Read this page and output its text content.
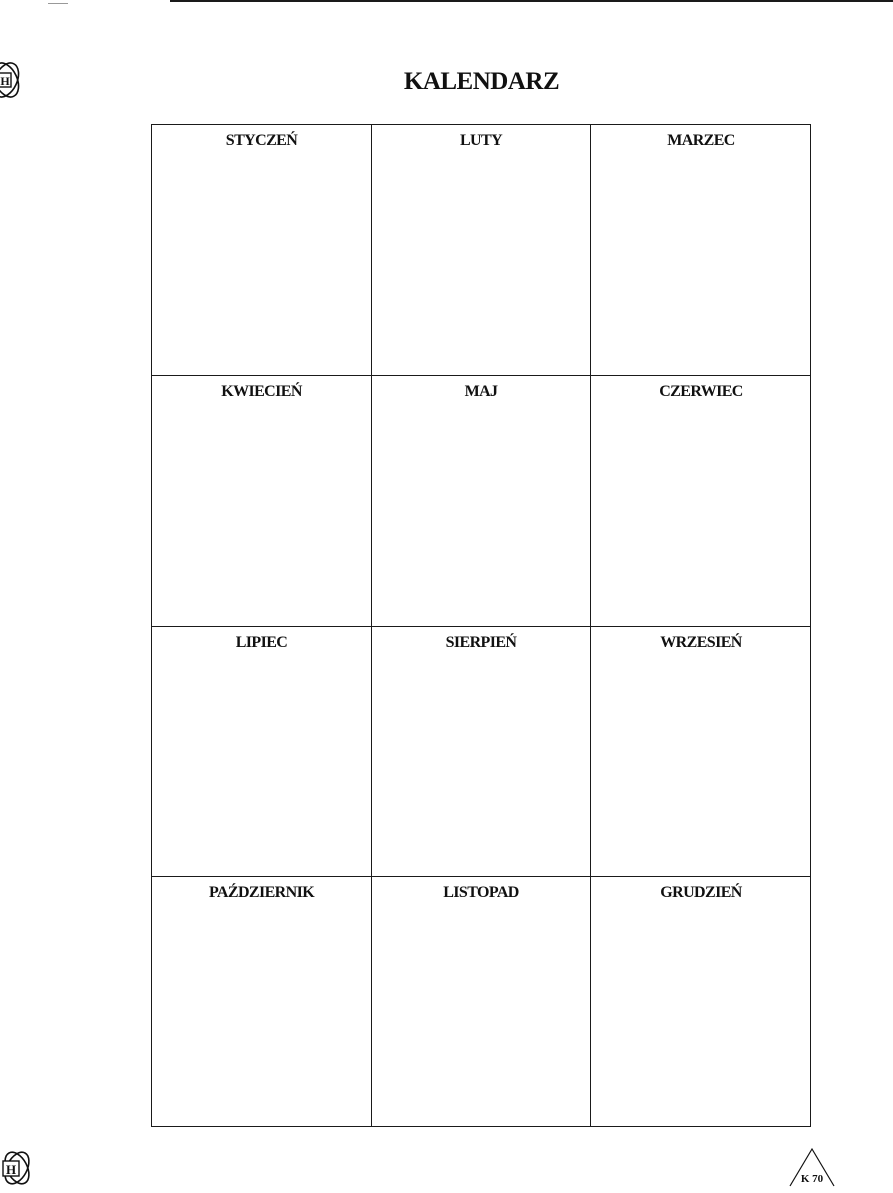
H	KALENDARZ
STYCZEŃ	LUTY	MARZEC
KWIECIEŃ	MAJ	CZERWIEC
LIPIEC	SIERPIEŃ	WRZESIEŃ
PAŹDZIERNIK	LISTOPAD	GRUDZIEŃ
H
K 70
